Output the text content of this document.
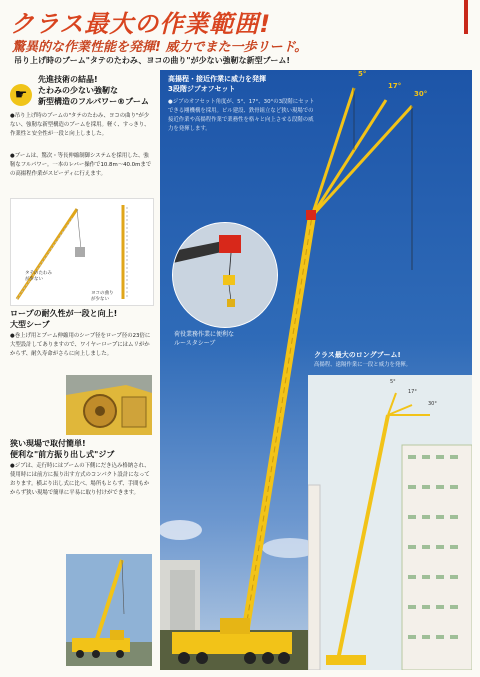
クラス最大の作業範囲!
驚異的な作業性能を発揮! 威力でまた一歩リード。
吊り上げ時のブーム"タテのたわみ、ヨコの曲り"が少ない強靭な新型ブーム!
☛
先進技術の結晶!
たわみの少ない強靭な
新型構造のフルパワー®ブーム
●吊り上げ時のブームの"タテのたわみ、ヨコの曲り"が少ない、強靭な新型構造のブームを採用。軽く、すっきり、作業性と安全性が一段と向上しました。
●ブームは、驚次・等長伸縮制御システムを採用した、強靭なフルパワー。一本のレバー操作で10.8m～40.0mまでの高揚程作業がスピーディに行えます。
タテのたわみ
が少ない
ヨコの曲り
が少ない
ロープの耐久性が一段と向上!
大型シーブ
●巻上げ用とブーム伸縮用のシーブ径をロープ径の23倍に大型設計してありますので、ワイヤーロープにはムリがかからず、耐久寿命がさらに向上しました。
狭い現場で取付簡単!
便利な"前方振り出し式"ジブ
●ジブは、走行時にはブームの下側にだき込み格納され、使用時には前方に振り出す方式のコンパクト設計になっております。横ぶり出し式に比べ、場所もとらず、手間もかからず狭い現場で簡単に平易に取り付けができます。
5°
17°
30°
高揚程・接近作業に威力を発揮
3段階ジブオフセット
●ジブのオフセット角度が、5°、17°、30°の3段階にセットできる剛機構を採用。ビル建設、鉄骨組立など狭い現場での接近作業や高揚程作業で業務性を格々と向上させる段階の威力を発揮します。
荷役業務作業に便利な
ルースタシーブ
5°
17°
30°
クラス最大のロングブーム!
高揚程、遠隔作業に一段と威力を発揮。
